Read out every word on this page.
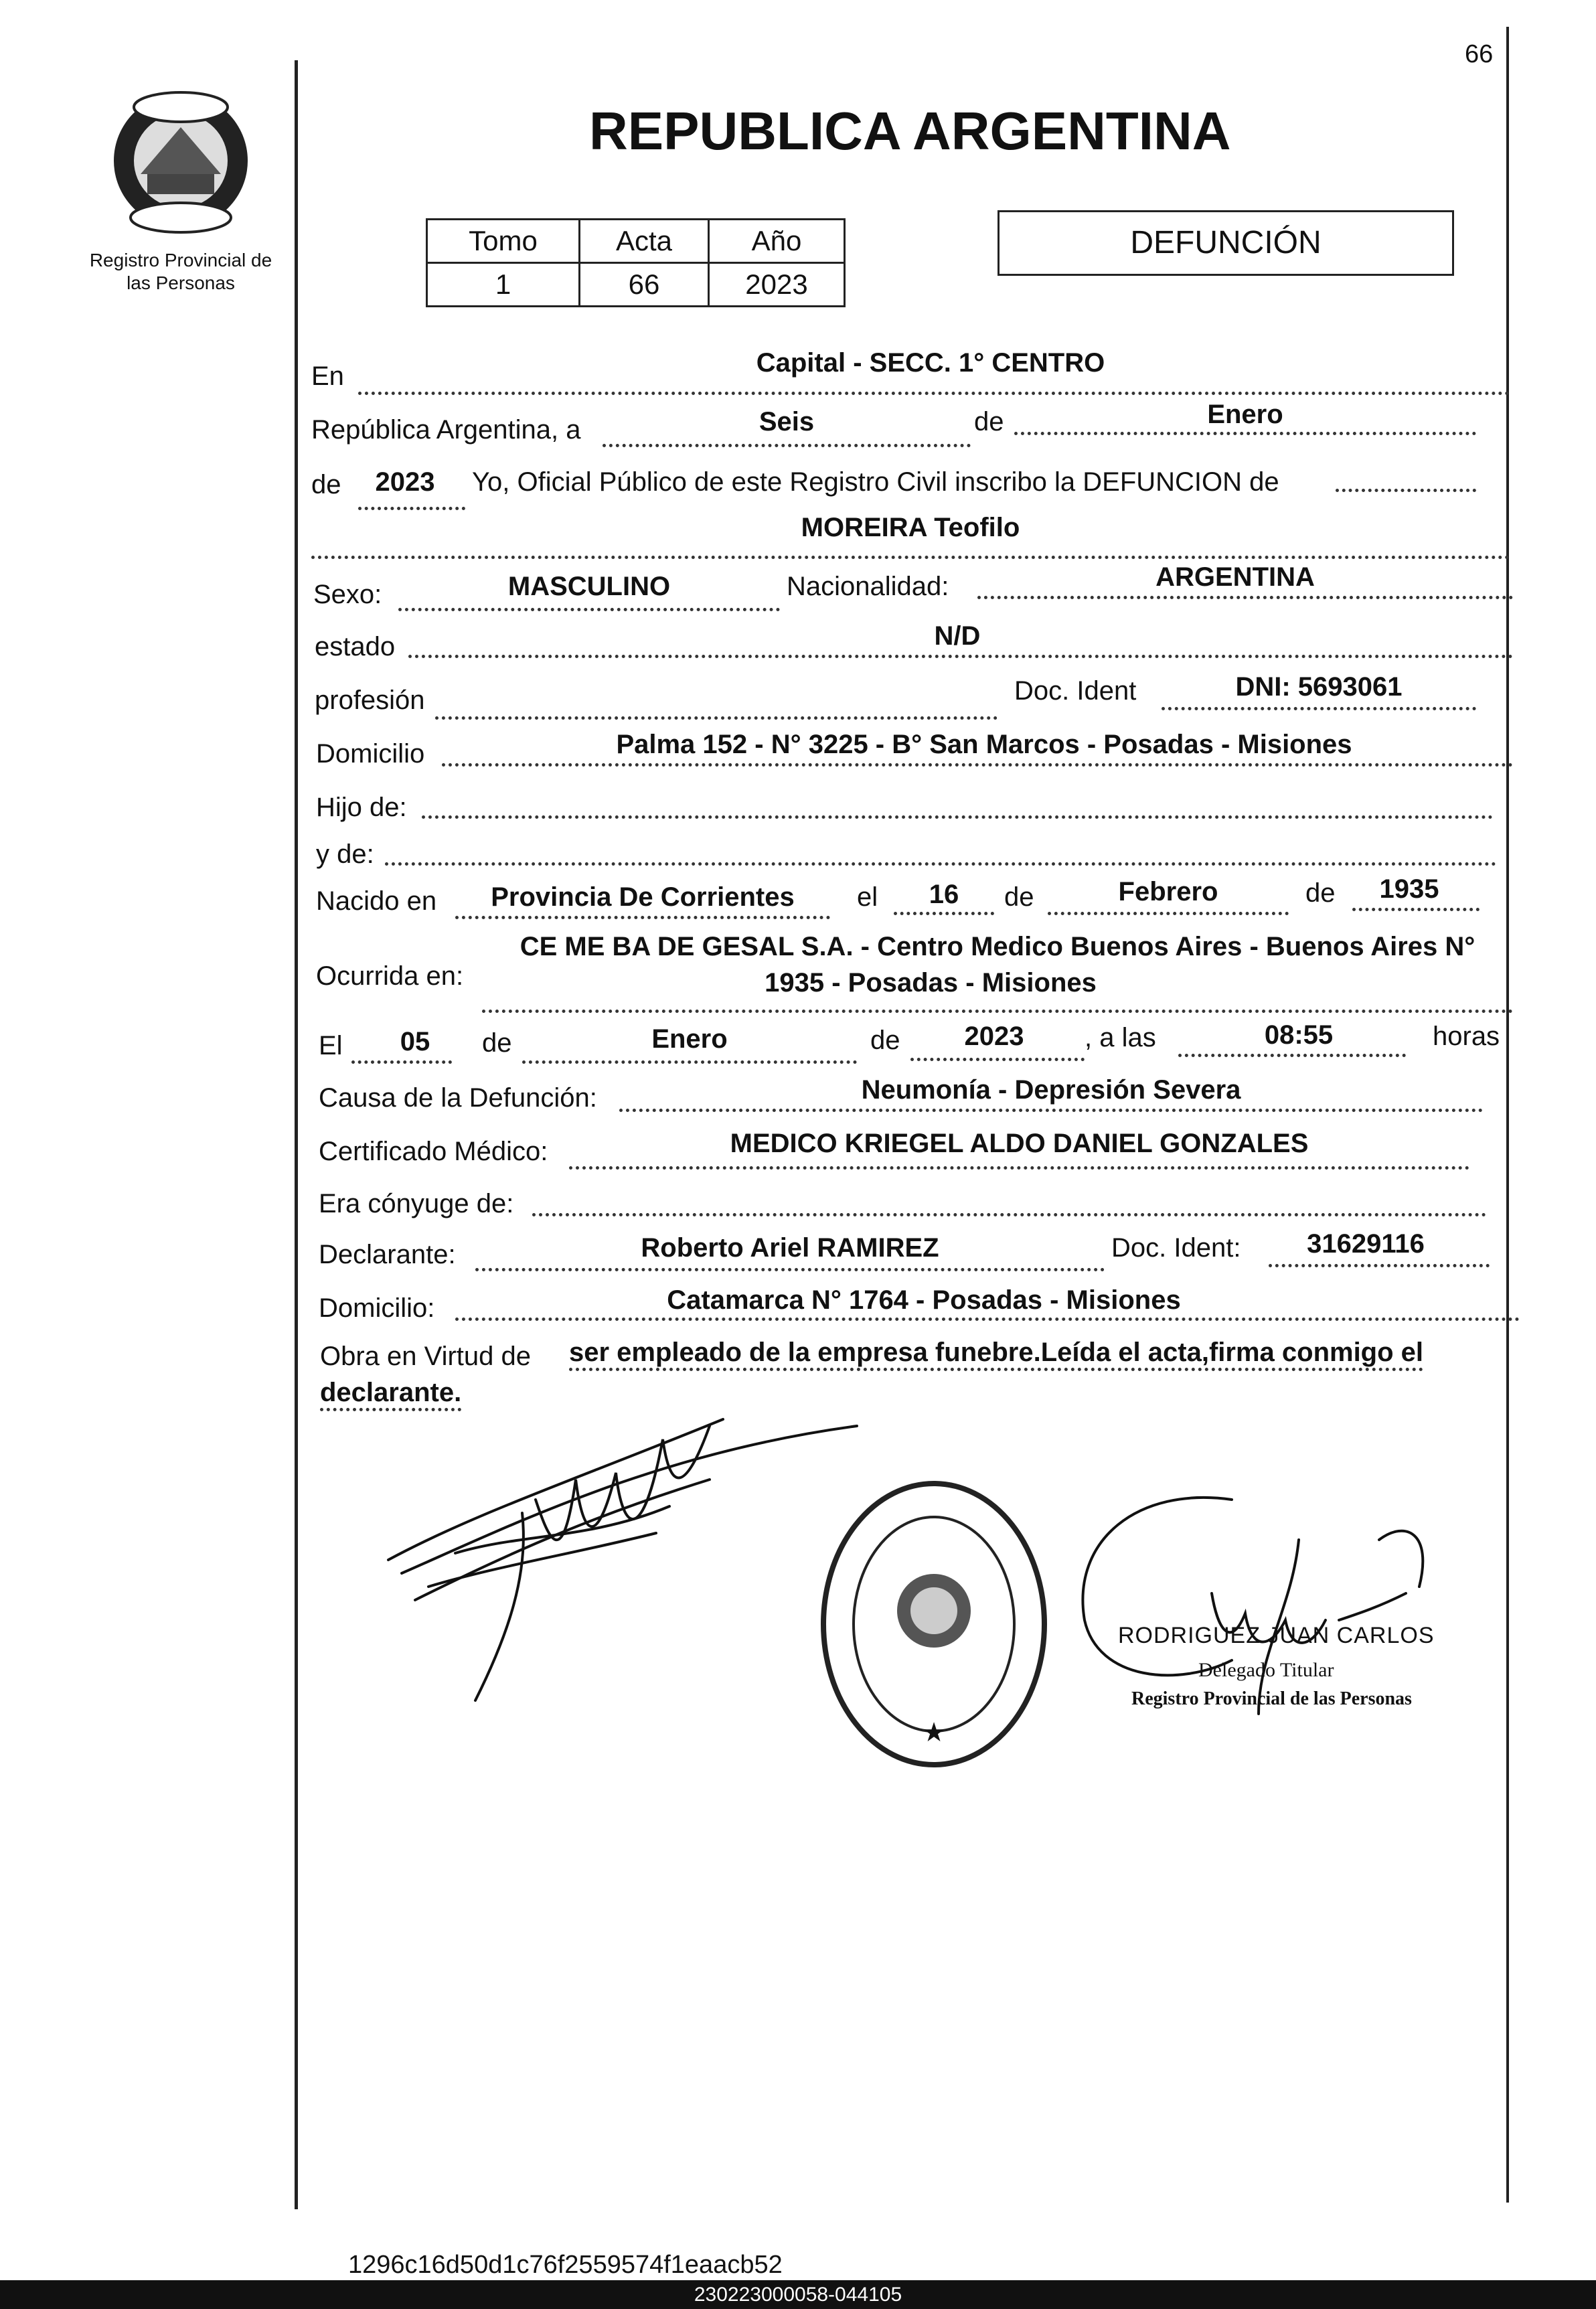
66
Registro Provincial de
las Personas
REPUBLICA ARGENTINA
Tomo	Acta	Año
1	66	2023
DEFUNCIÓN
En	Capital - SECC. 1° CENTRO
República Argentina, a	Seis	de	Enero
de	2023	Yo, Oficial Público de este Registro Civil inscribo la DEFUNCION de
MOREIRA Teofilo
Sexo:	MASCULINO	Nacionalidad:	ARGENTINA
estado	N/D
profesión	Doc. Ident	DNI: 5693061
Domicilio	Palma 152 - N° 3225 - B° San Marcos - Posadas - Misiones
Hijo de:
y de:
Nacido en	Provincia De Corrientes	el	16	de	Febrero	de	1935
Ocurrida en:
CE ME BA DE GESAL S.A. - Centro Medico Buenos Aires - Buenos Aires N°
1935 - Posadas - Misiones
El	05	de	Enero	de	2023	, a las	08:55	horas
Causa de la Defunción:	Neumonía - Depresión Severa
Certificado Médico:	MEDICO KRIEGEL ALDO DANIEL GONZALES
Era cónyuge de:
Declarante:	Roberto Ariel RAMIREZ	Doc. Ident:	31629116
Domicilio:	Catamarca N° 1764 - Posadas - Misiones
Obra en Virtud de ser empleado de la empresa funebre.Leída el acta,firma conmigo el
declarante.
★
RODRIGUEZ JUAN CARLOS
Delegado Titular
Registro Provincial de las Personas
1296c16d50d1c76f2559574f1eaacb52
230223000058-044105
